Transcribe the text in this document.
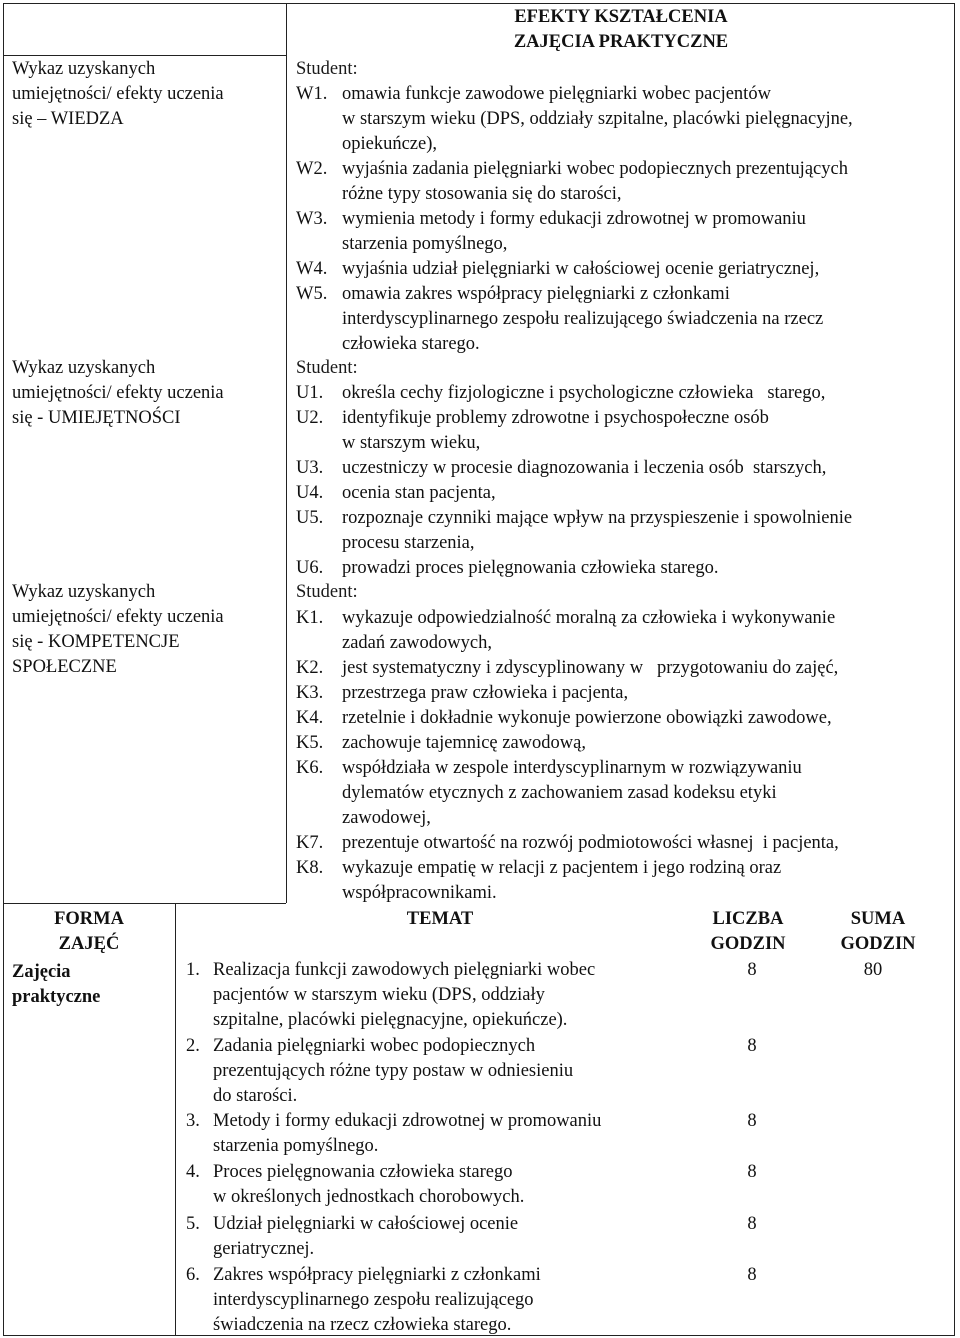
EFEKTY KSZTAŁCENIA
ZAJĘCIA PRAKTYCZNE
Wykaz uzyskanych
umiejętności/ efekty uczenia
się – WIEDZA
Wykaz uzyskanych
umiejętności/ efekty uczenia
się - UMIEJĘTNOŚCI
Wykaz uzyskanych
umiejętności/ efekty uczenia
się - KOMPETENCJE
SPOŁECZNE
Student:
Student:
Student:
W1. omawia funkcje zawodowe pielęgniarki wobec pacjentów
w starszym wieku (DPS, oddziały szpitalne, placówki pielęgnacyjne,
opiekuńcze),
W2. wyjaśnia zadania pielęgniarki wobec podopiecznych prezentujących
różne typy stosowania się do starości,
W3. wymienia metody i formy edukacji zdrowotnej w promowaniu
starzenia pomyślnego,
W4. wyjaśnia udział pielęgniarki w całościowej ocenie geriatrycznej,
W5. omawia zakres współpracy pielęgniarki z członkami
interdyscyplinarnego zespołu realizującego świadczenia na rzecz
człowieka starego.
U1. określa cechy fizjologiczne i psychologiczne człowieka   starego,
U2. identyfikuje problemy zdrowotne i psychospołeczne osób
w starszym wieku,
U3. uczestniczy w procesie diagnozowania i leczenia osób  starszych,
U4. ocenia stan pacjenta,
U5. rozpoznaje czynniki mające wpływ na przyspieszenie i spowolnienie
procesu starzenia,
U6. prowadzi proces pielęgnowania człowieka starego.
K1. wykazuje odpowiedzialność moralną za człowieka i wykonywanie
zadań zawodowych,
K2. jest systematyczny i zdyscyplinowany w   przygotowaniu do zajęć,
K3. przestrzega praw człowieka i pacjenta,
K4. rzetelnie i dokładnie wykonuje powierzone obowiązki zawodowe,
K5. zachowuje tajemnicę zawodową,
K6. współdziała w zespole interdyscyplinarnym w rozwiązywaniu
dylematów etycznych z zachowaniem zasad kodeksu etyki
zawodowej,
K7. prezentuje otwartość na rozwój podmiotowości własnej  i pacjenta,
K8. wykazuje empatię w relacji z pacjentem i jego rodziną oraz
współpracownikami.
FORMA
ZAJĘĆ
TEMAT	LICZBA
GODZIN
SUMA
GODZIN
Zajęcia
praktyczne
80
1. Realizacja funkcji zawodowych pielęgniarki wobec
pacjentów w starszym wieku (DPS, oddziały
szpitalne, placówki pielęgnacyjne, opiekuńcze).
8
2. Zadania pielęgniarki wobec podopiecznych
prezentujących różne typy postaw w odniesieniu
do starości.
8
3. Metody i formy edukacji zdrowotnej w promowaniu
starzenia pomyślnego.
8
4. Proces pielęgnowania człowieka starego
w określonych jednostkach chorobowych.
8
5. Udział pielęgniarki w całościowej ocenie
geriatrycznej.
8
6. Zakres współpracy pielęgniarki z członkami
interdyscyplinarnego zespołu realizującego
świadczenia na rzecz człowieka starego.
8
